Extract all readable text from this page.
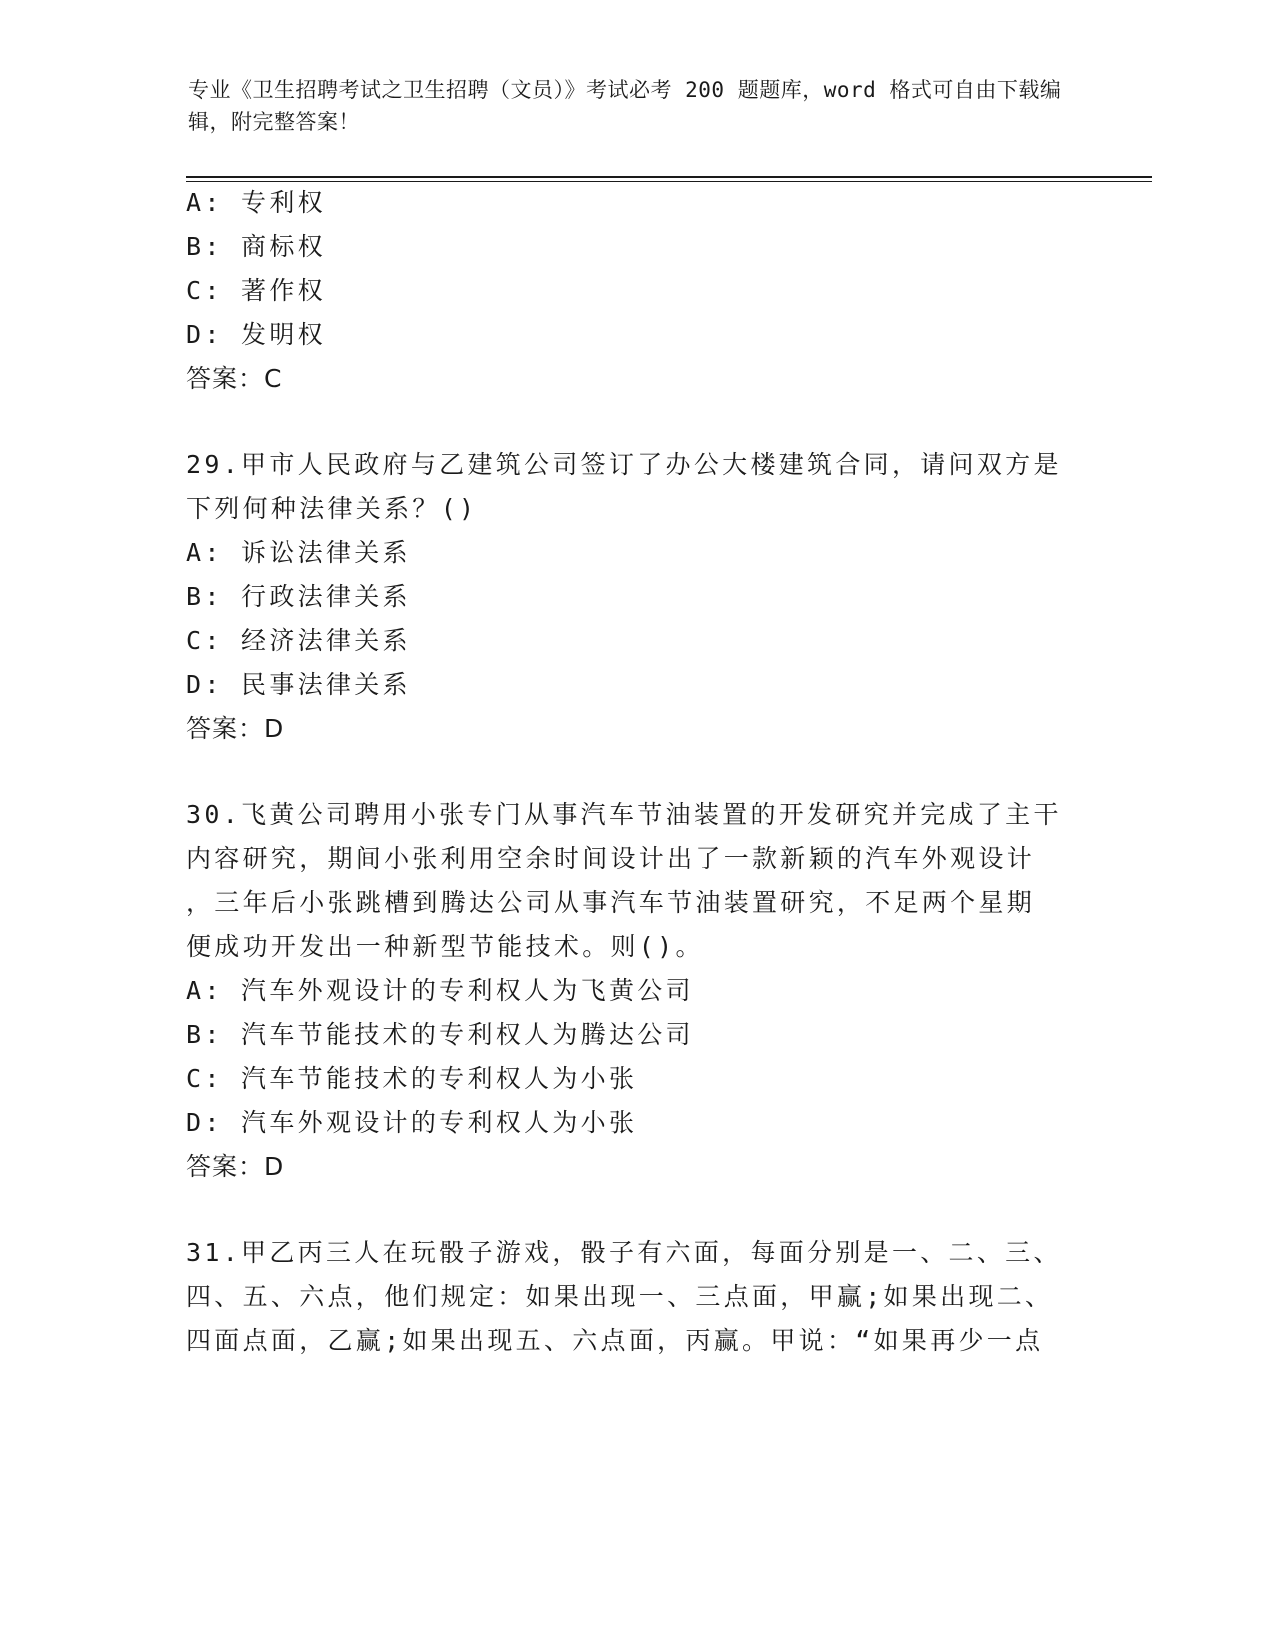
专业《卫生招聘考试之卫生招聘（文员）》考试必考 200 题题库，word 格式可自由下载编辑，附完整答案！
A: 专利权
B: 商标权
C: 著作权
D: 发明权
答案：C
29.甲市人民政府与乙建筑公司签订了办公大楼建筑合同，请问双方是
下列何种法律关系？()
A: 诉讼法律关系
B: 行政法律关系
C: 经济法律关系
D: 民事法律关系
答案：D
30.飞黄公司聘用小张专门从事汽车节油装置的开发研究并完成了主干
内容研究，期间小张利用空余时间设计出了一款新颖的汽车外观设计
，三年后小张跳槽到腾达公司从事汽车节油装置研究，不足两个星期
便成功开发出一种新型节能技术。则()。
A: 汽车外观设计的专利权人为飞黄公司
B: 汽车节能技术的专利权人为腾达公司
C: 汽车节能技术的专利权人为小张
D: 汽车外观设计的专利权人为小张
答案：D
31.甲乙丙三人在玩骰子游戏，骰子有六面，每面分别是一、二、三、
四、五、六点，他们规定：如果出现一、三点面，甲赢;如果出现二、
四面点面，乙赢;如果出现五、六点面，丙赢。甲说：“如果再少一点
